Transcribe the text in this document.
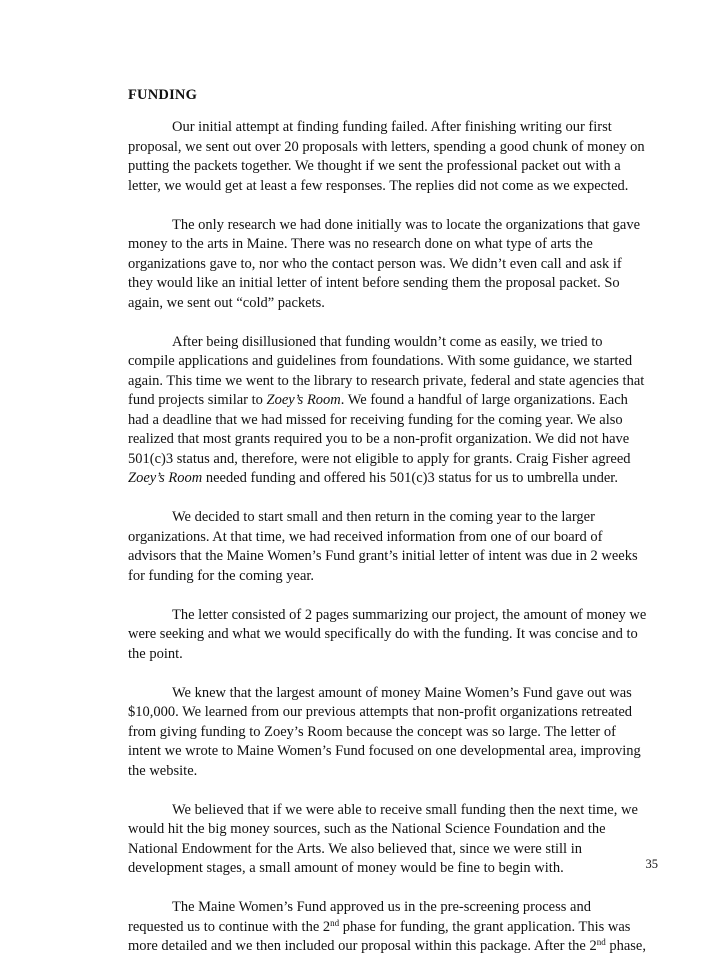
FUNDING
Our initial attempt at finding funding failed. After finishing writing our first
proposal, we sent out over 20 proposals with letters, spending a good chunk of money on
putting the packets together. We thought if we sent the professional packet out with a
letter, we would get at least a few responses. The replies did not come as we expected.
The only research we had done initially was to locate the organizations that gave
money to the arts in Maine. There was no research done on what type of arts the
organizations gave to, nor who the contact person was. We didn’t even call and ask if
they would like an initial letter of intent before sending them the proposal packet. So
again, we sent out “cold” packets.
After being disillusioned that funding wouldn’t come as easily, we tried to
compile applications and guidelines from foundations. With some guidance, we started
again. This time we went to the library to research private, federal and state agencies that
fund projects similar to Zoey’s Room. We found a handful of large organizations. Each
had a deadline that we had missed for receiving funding for the coming year. We also
realized that most grants required you to be a non-profit organization. We did not have
501(c)3 status and, therefore, were not eligible to apply for grants. Craig Fisher agreed
Zoey’s Room needed funding and offered his 501(c)3 status for us to umbrella under.
We decided to start small and then return in the coming year to the larger
organizations. At that time, we had received information from one of our board of
advisors that the Maine Women’s Fund grant’s initial letter of intent was due in 2 weeks
for funding for the coming year.
The letter consisted of 2 pages summarizing our project, the amount of money we
were seeking and what we would specifically do with the funding. It was concise and to
the point.
We knew that the largest amount of money Maine Women’s Fund gave out was
$10,000. We learned from our previous attempts that non-profit organizations retreated
from giving funding to Zoey’s Room because the concept was so large. The letter of
intent we wrote to Maine Women’s Fund focused on one developmental area, improving
the website.
We believed that if we were able to receive small funding then the next time, we
would hit the big money sources, such as the National Science Foundation and the
National Endowment for the Arts. We also believed that, since we were still in
development stages, a small amount of money would be fine to begin with.
The Maine Women’s Fund approved us in the pre-screening process and
requested us to continue with the 2nd phase for funding, the grant application. This was
more detailed and we then included our proposal within this package. After the 2nd phase,
35
